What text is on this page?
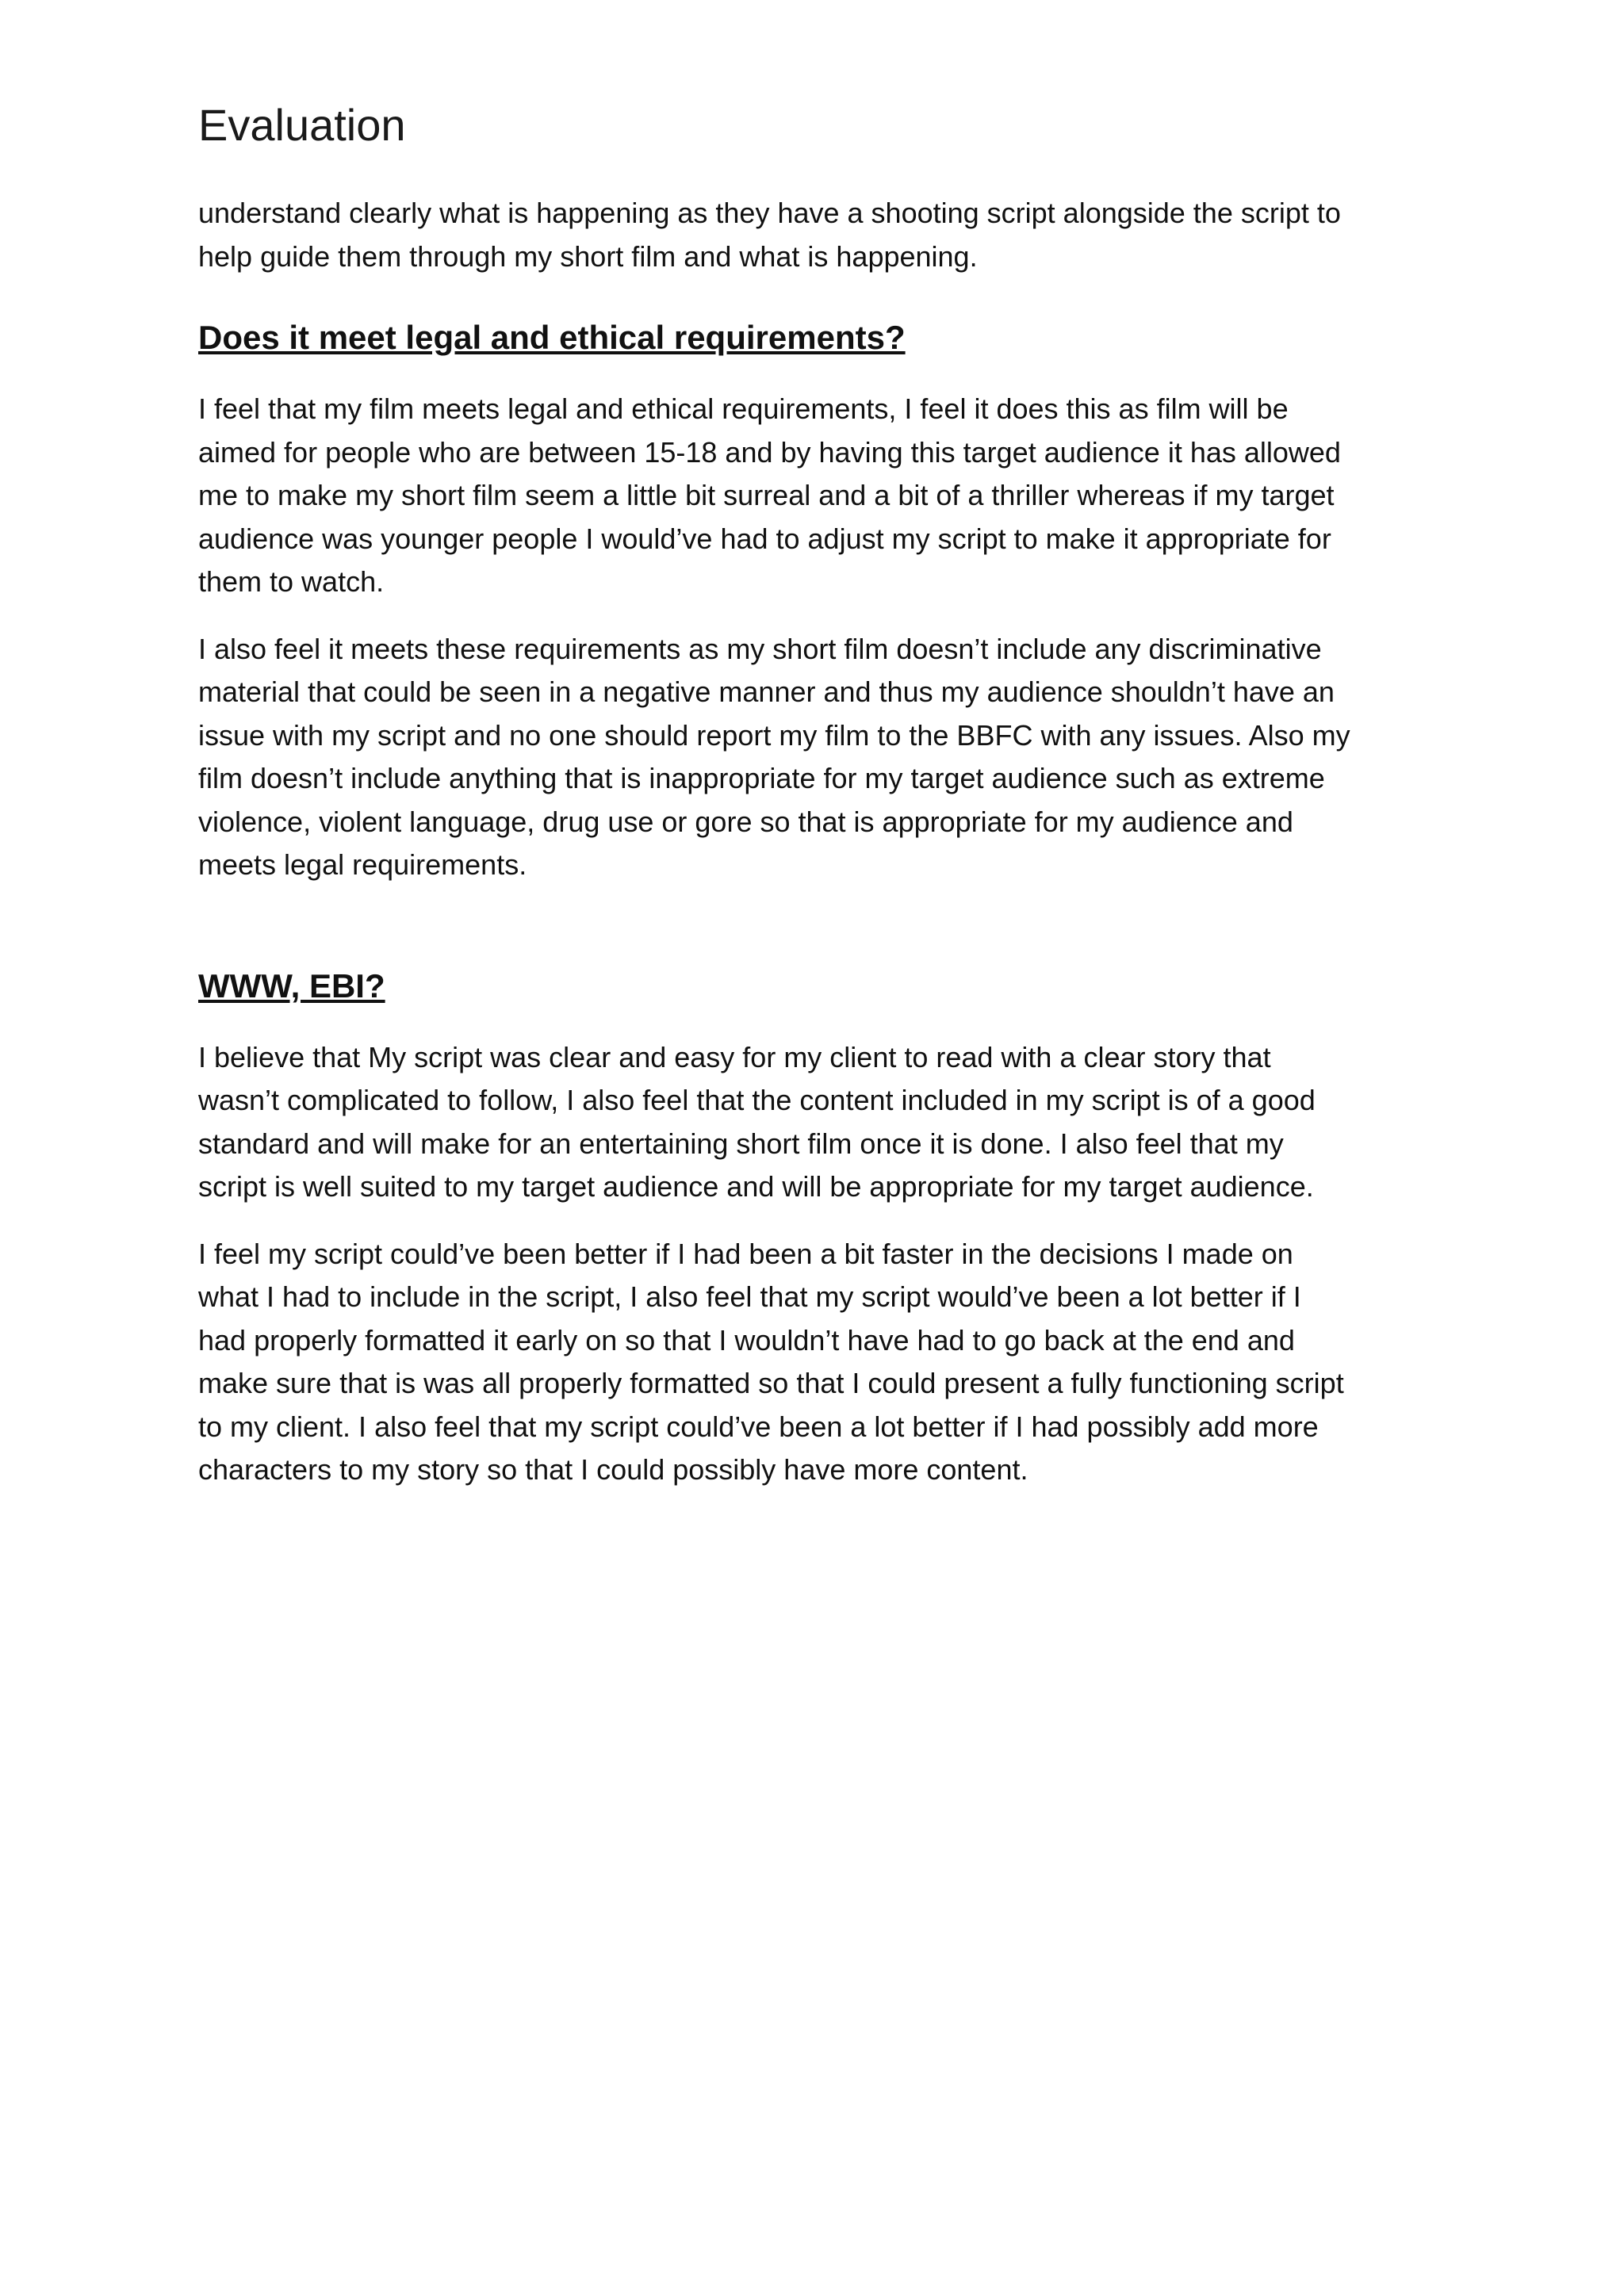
Evaluation

understand clearly what is happening as they have a shooting script alongside the script to
help guide them through my short film and what is happening.

Does it meet legal and ethical requirements?

I feel that my film meets legal and ethical requirements, I feel it does this as film will be
aimed for people who are between 15-18 and by having this target audience it has allowed
me to make my short film seem a little bit surreal and a bit of a thriller whereas if my target
audience was younger people I would’ve had to adjust my script to make it appropriate for
them to watch.

I also feel it meets these requirements as my short film doesn’t include any discriminative
material that could be seen in a negative manner and thus my audience shouldn’t have an
issue with my script and no one should report my film to the BBFC with any issues. Also my
film doesn’t include anything that is inappropriate for my target audience such as extreme
violence, violent language, drug use or gore so that is appropriate for my audience and
meets legal requirements.

WWW, EBI?

I believe that My script was clear and easy for my client to read with a clear story that
wasn’t complicated to follow, I also feel that the content included in my script is of a good
standard and will make for an entertaining short film once it is done. I also feel that my
script is well suited to my target audience and will be appropriate for my target audience.

I feel my script could’ve been better if I had been a bit faster in the decisions I made on
what I had to include in the script, I also feel that my script would’ve been a lot better if I
had properly formatted it early on so that I wouldn’t have had to go back at the end and
make sure that is was all properly formatted so that I could present a fully functioning script
to my client. I also feel that my script could’ve been a lot better if I had possibly add more
characters to my story so that I could possibly have more content.
